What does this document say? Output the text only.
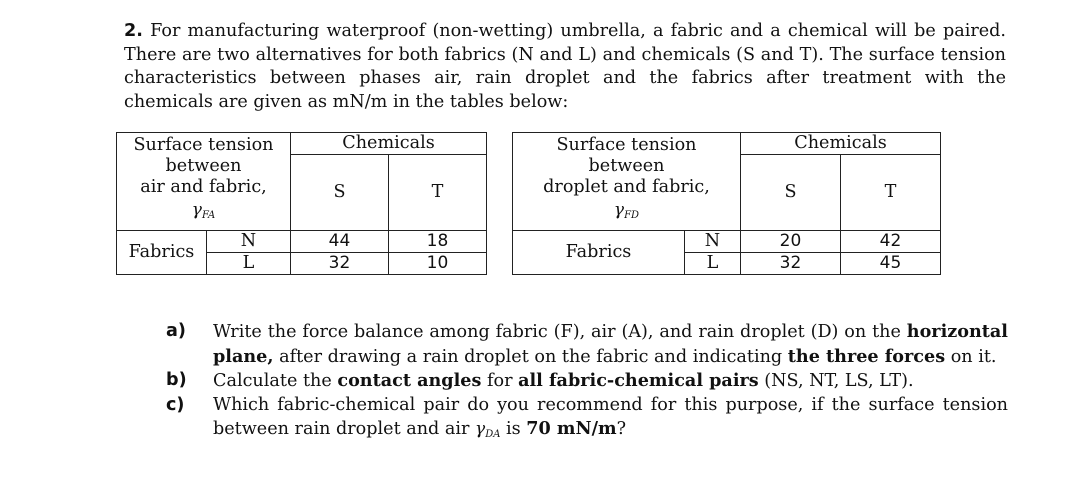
2. For manufacturing waterproof (non-wetting) umbrella, a fabric and a chemical will be paired. There are two alternatives for both fabrics (N and L) and chemicals (S and T). The surface tension characteristics between phases air, rain droplet and the fabrics after treatment with the chemicals are given as mN/m in the tables below:
Surface tension
between
air and fabric,
$\gamma_{FA}$		Chemicals	
		S	T
Fabrics	N	44	18
	L	32	10
Surface tension
between
droplet and fabric,
$\gamma_{FD}$		Chemicals	
		S	T
Fabrics	N	20	42
	L	32	45
a)	Write the force balance among fabric (F), air (A), and rain droplet (D) on the horizontal plane, after drawing a rain droplet on the fabric and indicating the three forces on it.
b)	Calculate the contact angles for all fabric-chemical pairs (NS, NT, LS, LT).
c)	Which fabric-chemical pair do you recommend for this purpose, if the surface tension between rain droplet and air $\gamma_{DA}$ is 70 mN/m?
